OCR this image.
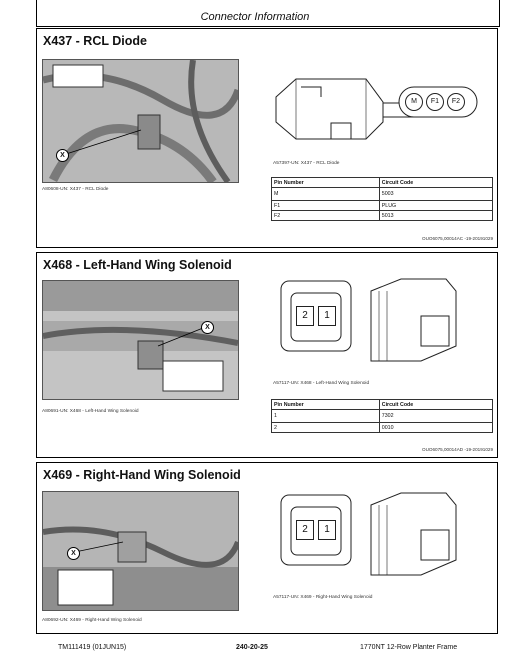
Connector Information
X437 - RCL Diode
X
A80608-UN: X437 - RCL Diode
M	F1	F2
A57397-UN: X437 - RCL Diode
Pin Number	Circuit Code
M	5003
F1	PLUG
F2	5013
OUO6075,00014AC -19-20191029
X468 - Left-Hand Wing Solenoid
X
A80691-UN: X468 - Left-Hand Wing Solenoid
2	1
A57117-UN: X468 - Left-Hand Wing Solenoid
Pin Number	Circuit Code
1	7302
2	0010
OUO6075,00014AD -19-20191029
X469 - Right-Hand Wing Solenoid
X
A80692-UN: X469 - Right-Hand Wing Solenoid
2	1
A57117-UN: X469 - Right-Hand Wing Solenoid
TM111419 (01JUN15)	240-20-25	1770NT 12-Row Planter Frame
